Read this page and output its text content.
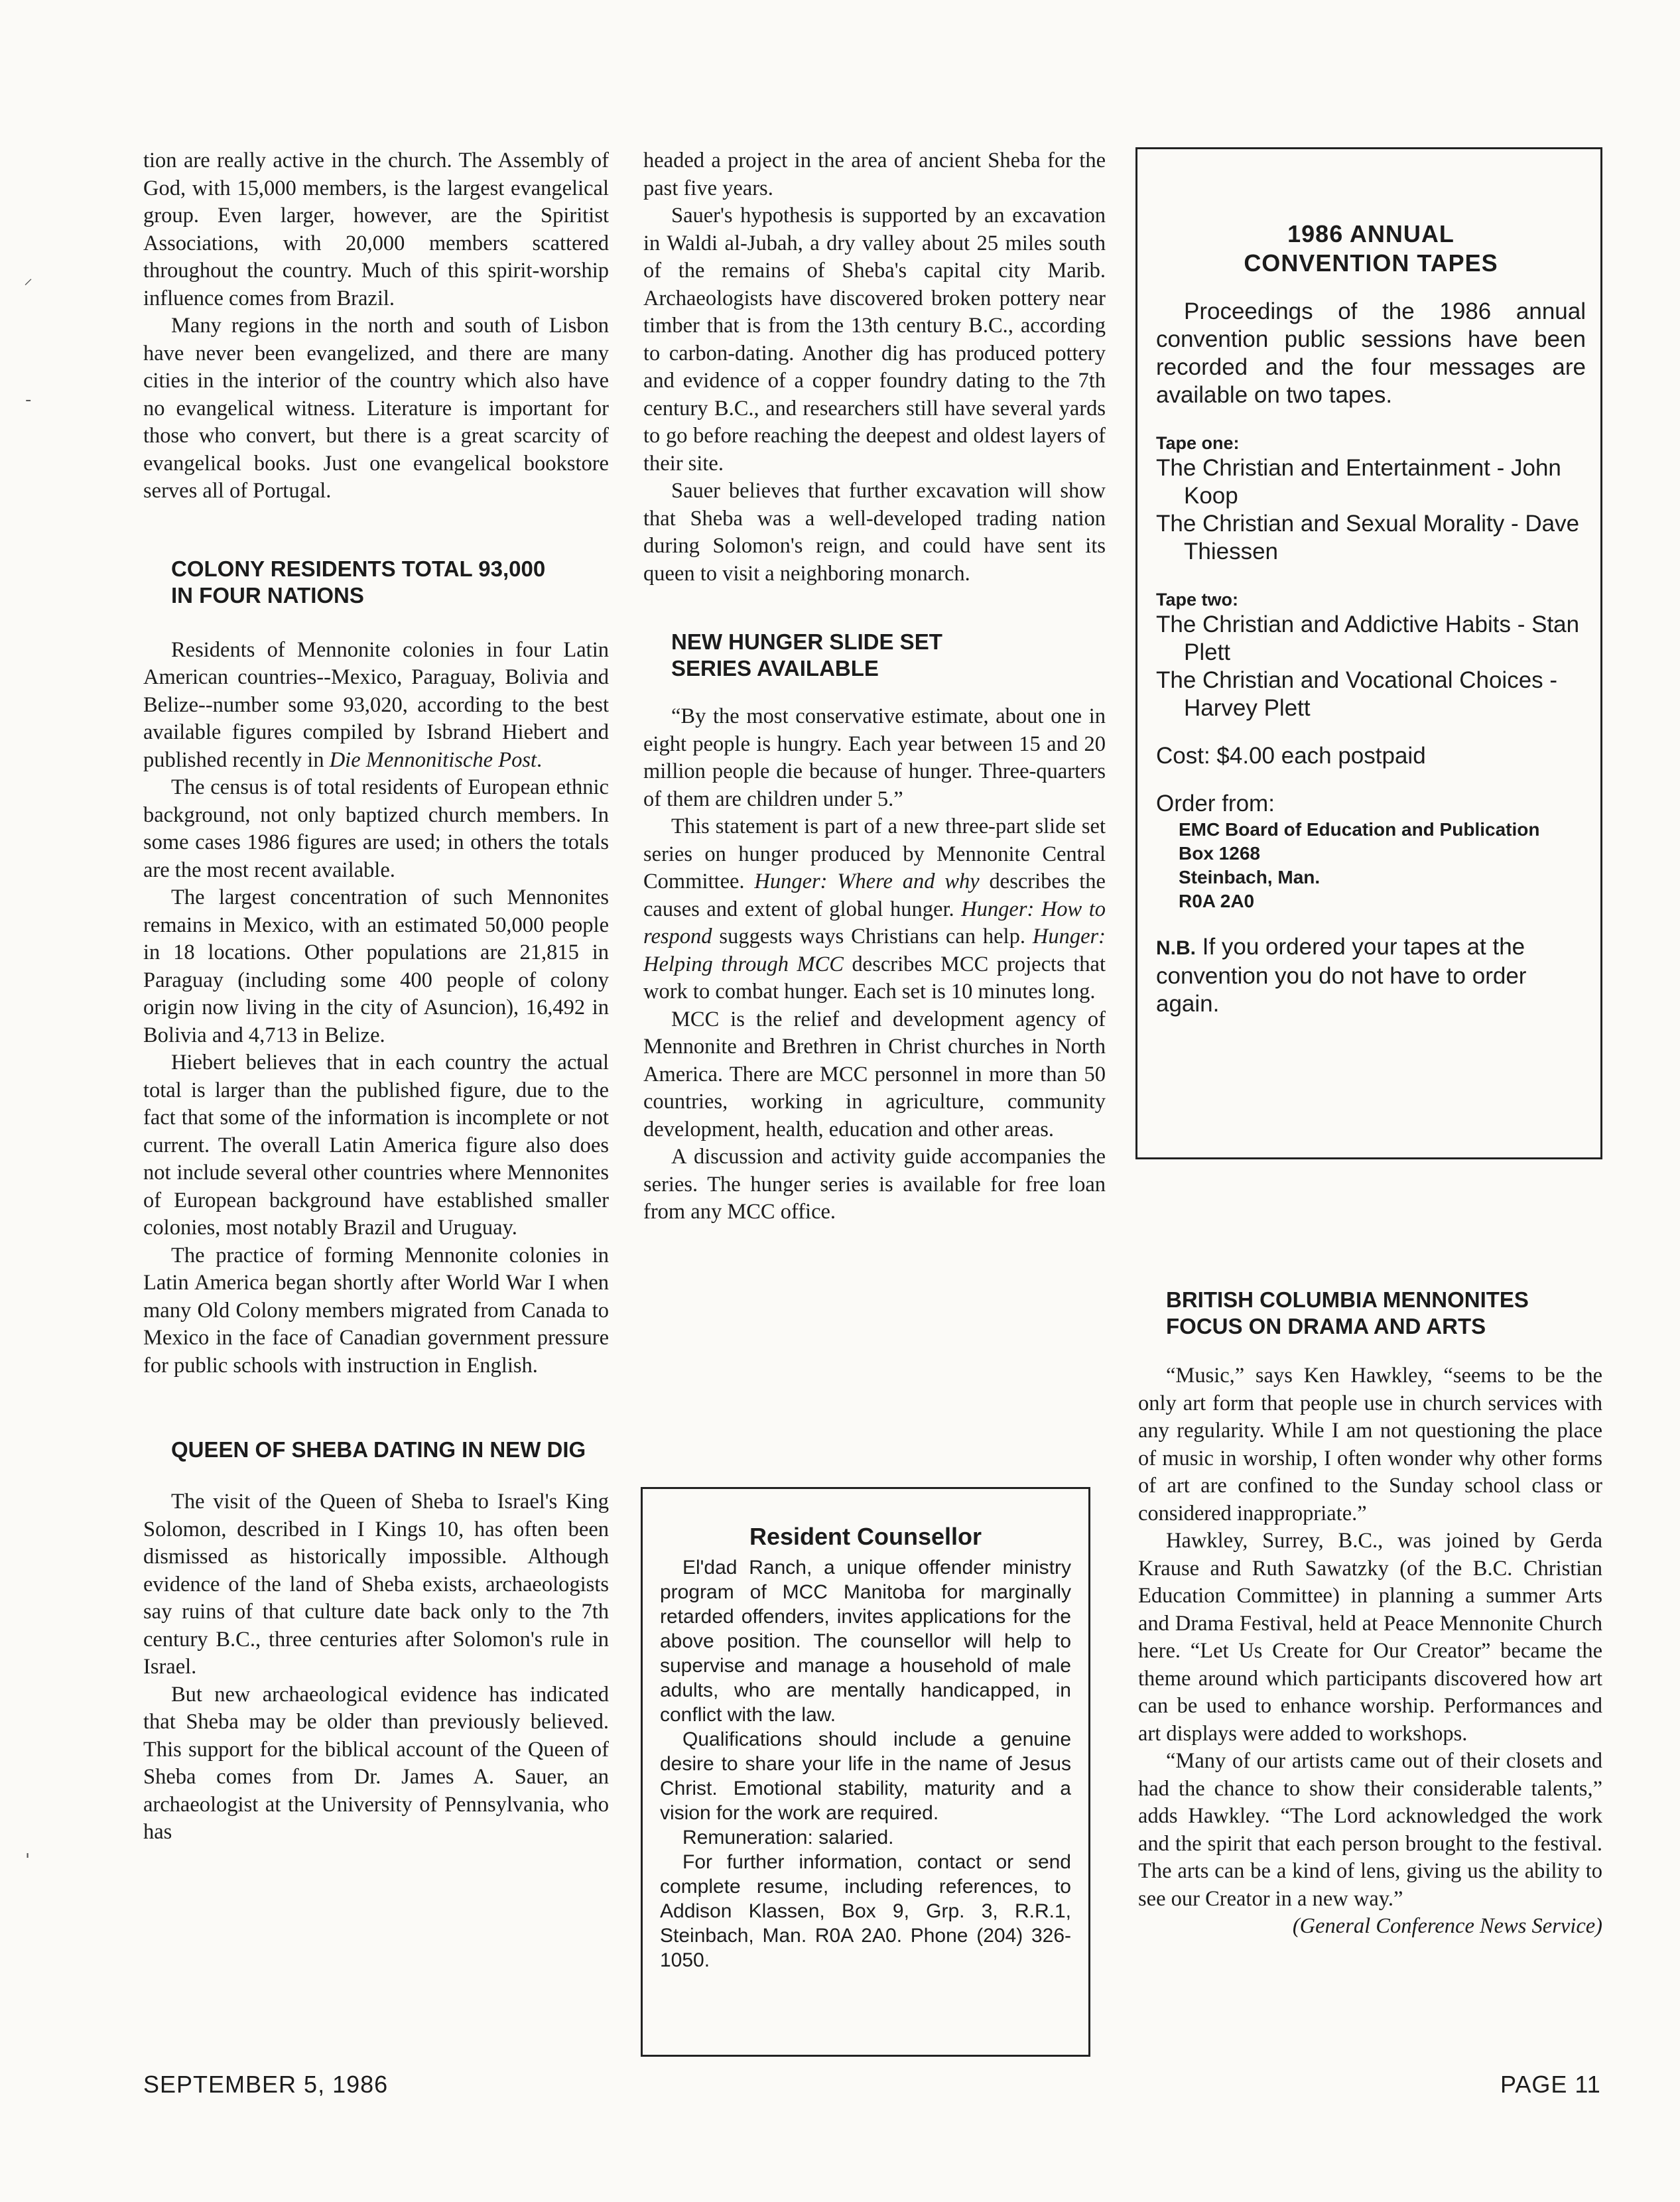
⸝
‐
'

tion are really active in the church. The Assembly of God, with 15,000 members, is the largest evangelical group. Even larger, however, are the Spiritist Associations, with 20,000 members scattered throughout the country. Much of this spirit-worship influence comes from Brazil.

Many regions in the north and south of Lisbon have never been evangelized, and there are many cities in the interior of the country which also have no evangelical witness. Literature is important for those who convert, but there is a great scarcity of evangelical books. Just one evangelical bookstore serves all of Portugal.

COLONY RESIDENTS TOTAL 93,000

IN FOUR NATIONS

Residents of Mennonite colonies in four Latin American countries--Mexico, Paraguay, Bolivia and Belize--number some 93,020, according to the best available figures compiled by Isbrand Hiebert and published recently in Die Mennonitische Post.

The census is of total residents of European ethnic background, not only baptized church members. In some cases 1986 figures are used; in others the totals are the most recent available.

The largest concentration of such Mennonites remains in Mexico, with an estimated 50,000 people in 18 locations. Other populations are 21,815 in Paraguay (including some 400 people of colony origin now living in the city of Asuncion), 16,492 in Bolivia and 4,713 in Belize.

Hiebert believes that in each country the actual total is larger than the published figure, due to the fact that some of the information is incomplete or not current. The overall Latin America figure also does not include several other countries where Mennonites of European background have established smaller colonies, most notably Brazil and Uruguay.

The practice of forming Mennonite colonies in Latin America began shortly after World War I when many Old Colony members migrated from Canada to Mexico in the face of Canadian government pressure for public schools with instruction in English.

QUEEN OF SHEBA DATING IN NEW DIG

The visit of the Queen of Sheba to Israel's King Solomon, described in I Kings 10, has often been dismissed as historically impossible. Although evidence of the land of Sheba exists, archaeologists say ruins of that culture date back only to the 7th century B.C., three centuries after Solomon's rule in Israel.

But new archaeological evidence has indicated that Sheba may be older than previously believed. This support for the biblical account of the Queen of Sheba comes from Dr. James A. Sauer, an archaeologist at the University of Pennsylvania, who has

headed a project in the area of ancient Sheba for the past five years.

Sauer's hypothesis is supported by an excavation in Waldi al-Jubah, a dry valley about 25 miles south of the remains of Sheba's capital city Marib. Archaeologists have discovered broken pottery near timber that is from the 13th century B.C., according to carbon-dating. Another dig has produced pottery and evidence of a copper foundry dating to the 7th century B.C., and researchers still have several yards to go before reaching the deepest and oldest layers of their site.

Sauer believes that further excavation will show that Sheba was a well-developed trading nation during Solomon's reign, and could have sent its queen to visit a neighboring monarch.

NEW HUNGER SLIDE SET

SERIES AVAILABLE

“By the most conservative estimate, about one in eight people is hungry. Each year between 15 and 20 million people die because of hunger. Three-quarters of them are children under 5.”

This statement is part of a new three-part slide set series on hunger produced by Mennonite Central Committee. Hunger: Where and why describes the causes and extent of global hunger. Hunger: How to respond suggests ways Christians can help. Hunger: Helping through MCC describes MCC projects that work to combat hunger. Each set is 10 minutes long.

MCC is the relief and development agency of Mennonite and Brethren in Christ churches in North America. There are MCC personnel in more than 50 countries, working in agriculture, community development, health, education and other areas.

A discussion and activity guide accompanies the series. The hunger series is available for free loan from any MCC office.

Resident Counsellor

El'dad Ranch, a unique offender ministry program of MCC Manitoba for marginally retarded offenders, invites applications for the above position. The counsellor will help to supervise and manage a household of male adults, who are mentally handicapped, in conflict with the law.

Qualifications should include a genuine desire to share your life in the name of Jesus Christ. Emotional stability, maturity and a vision for the work are required.

Remuneration: salaried.

For further information, contact or send complete resume, including references, to Addison Klassen, Box 9, Grp. 3, R.R.1, Steinbach, Man. R0A 2A0. Phone (204) 326-1050.

1986 ANNUAL
CONVENTION TAPES

Proceedings of the 1986 annual convention public sessions have been recorded and the four messages are available on two tapes.

Tape one:

The Christian and Entertainment - John Koop

The Christian and Sexual Morality - Dave Thiessen

Tape two:

The Christian and Addictive Habits - Stan Plett

The Christian and Vocational Choices - Harvey Plett

Cost: $4.00 each postpaid

Order from:

EMC Board of Education and Publication

Box 1268

Steinbach, Man.

R0A 2A0

N.B. If you ordered your tapes at the convention you do not have to order again.

BRITISH COLUMBIA MENNONITES

FOCUS ON DRAMA AND ARTS

“Music,” says Ken Hawkley, “seems to be the only art form that people use in church services with any regularity. While I am not questioning the place of music in worship, I often wonder why other forms of art are confined to the Sunday school class or considered inappropriate.”

Hawkley, Surrey, B.C., was joined by Gerda Krause and Ruth Sawatzky (of the B.C. Christian Education Committee) in planning a summer Arts and Drama Festival, held at Peace Mennonite Church here. “Let Us Create for Our Creator” became the theme around which participants discovered how art can be used to enhance worship. Performances and art displays were added to workshops.

“Many of our artists came out of their closets and had the chance to show their considerable talents,” adds Hawkley. “The Lord acknowledged the work and the spirit that each person brought to the festival. The arts can be a kind of lens, giving us the ability to see our Creator in a new way.”

(General Conference News Service)

SEPTEMBER 5, 1986	PAGE 11
